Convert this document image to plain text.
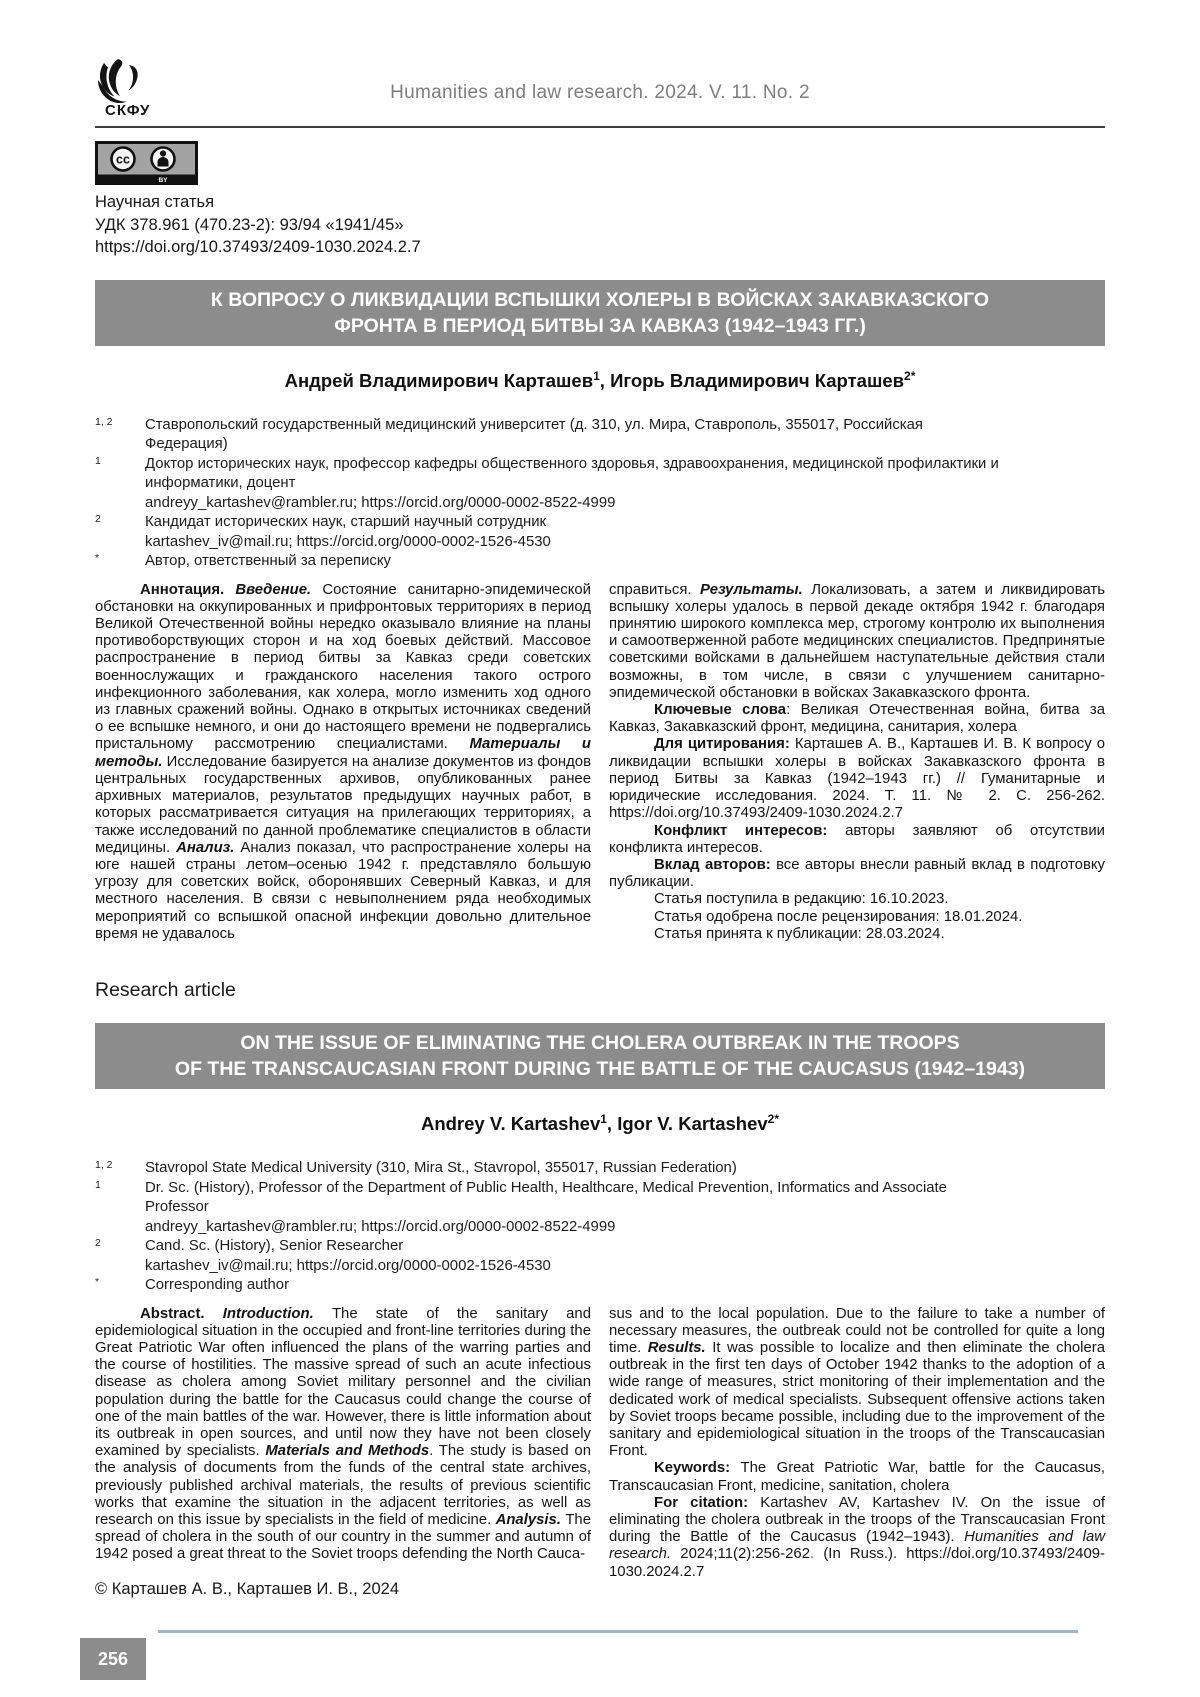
СКФУ
Humanities and law research. 2024. V. 11. No. 2
cc
BY
Научная статья
УДК 378.961 (470.23-2): 93/94 «1941/45»
https://doi.org/10.37493/2409-1030.2024.2.7
К ВОПРОСУ О ЛИКВИДАЦИИ ВСПЫШКИ ХОЛЕРЫ В ВОЙСКАХ ЗАКАВКАЗСКОГО
ФРОНТА В ПЕРИОД БИТВЫ ЗА КАВКАЗ (1942–1943 ГГ.)
Андрей Владимирович Карташев$^1$, Игорь Владимирович Карташев$^{2*}$
1, 2	Ставропольский государственный медицинский университет (д. 310, ул. Мира, Ставрополь, 355017, Российская Федерация)
1	Доктор исторических наук, профессор кафедры общественного здоровья, здравоохранения, медицинской профилактики и информатики, доцент
andreyy_kartashev@rambler.ru; https://orcid.org/0000-0002-8522-4999
2	Кандидат исторических наук, старший научный сотрудник
kartashev_iv@mail.ru; https://orcid.org/0000-0002-1526-4530
*	Автор, ответственный за переписку

Аннотация. Введение. Состояние санитарно-эпидемической обстановки на оккупированных и прифронтовых территориях в период Великой Отечественной войны нередко оказывало влияние на планы противоборствующих сторон и на ход боевых действий. Массовое распространение в период битвы за Кавказ среди советских военнослужащих и гражданского населения такого острого инфекционного заболевания, как холера, могло изменить ход одного из главных сражений войны. Однако в открытых источниках сведений о ее вспышке немного, и они до настоящего времени не подвергались пристальному рассмотрению специалистами. Материалы и методы. Исследование базируется на анализе документов из фондов центральных государственных архивов, опубликованных ранее архивных материалов, результатов предыдущих научных работ, в которых рассматривается ситуация на прилегающих территориях, а также исследований по данной проблематике специалистов в области медицины. Анализ. Анализ показал, что распространение холеры на юге нашей страны летом–осенью 1942 г. представляло большую угрозу для советских войск, оборонявших Северный Кавказ, и для местного населения. В связи с невыполнением ряда необходимых мероприятий со вспышкой опасной инфекции довольно длительное время не удавалось

справиться. Результаты. Локализовать, а затем и ликвидировать вспышку холеры удалось в первой декаде октября 1942 г. благодаря принятию широкого комплекса мер, строгому контролю их выполнения и самоотверженной работе медицинских специалистов. Предпринятые советскими войсками в дальнейшем наступательные действия стали возможны, в том числе, в связи с улучшением санитарно-эпидемической обстановки в войсках Закавказского фронта.

Ключевые слова: Великая Отечественная война, битва за Кавказ, Закавказский фронт, медицина, санитария, холера

Для цитирования: Карташев А. В., Карташев И. В. К вопросу о ликвидации вспышки холеры в войсках Закавказского фронта в период Битвы за Кавказ (1942–1943 гг.) // Гуманитарные и юридические исследования. 2024. Т. 11. № 2. С. 256-262. https://doi.org/10.37493/2409-1030.2024.2.7

Конфликт интересов: авторы заявляют об отсутствии конфликта интересов.

Вклад авторов: все авторы внесли равный вклад в подготовку публикации.

Статья поступила в редакцию: 16.10.2023.

Статья одобрена после рецензирования: 18.01.2024.

Статья принята к публикации: 28.03.2024.

Research article
ON THE ISSUE OF ELIMINATING THE CHOLERA OUTBREAK IN THE TROOPS
OF THE TRANSCAUCASIAN FRONT DURING THE BATTLE OF THE CAUCASUS (1942–1943)
Andrey V. Kartashev$^1$, Igor V. Kartashev$^{2*}$
1, 2	Stavropol State Medical University (310, Mira St., Stavropol, 355017, Russian Federation)
1	Dr. Sc. (History), Professor of the Department of Public Health, Healthcare, Medical Prevention, Informatics and Associate Professor
andreyy_kartashev@rambler.ru; https://orcid.org/0000-0002-8522-4999
2	Cand. Sc. (History), Senior Researcher
kartashev_iv@mail.ru; https://orcid.org/0000-0002-1526-4530
*	Corresponding author

Abstract. Introduction. The state of the sanitary and epidemiological situation in the occupied and front-line territories during the Great Patriotic War often influenced the plans of the warring parties and the course of hostilities. The massive spread of such an acute infectious disease as cholera among Soviet military personnel and the civilian population during the battle for the Caucasus could change the course of one of the main battles of the war. However, there is little information about its outbreak in open sources, and until now they have not been closely examined by specialists. Materials and Methods. The study is based on the analysis of documents from the funds of the central state archives, previously published archival materials, the results of previous scientific works that examine the situation in the adjacent territories, as well as research on this issue by specialists in the field of medicine. Analysis. The spread of cholera in the south of our country in the summer and autumn of 1942 posed a great threat to the Soviet troops defending the North Cauca-

sus and to the local population. Due to the failure to take a number of necessary measures, the outbreak could not be controlled for quite a long time. Results. It was possible to localize and then eliminate the cholera outbreak in the first ten days of October 1942 thanks to the adoption of a wide range of measures, strict monitoring of their implementation and the dedicated work of medical specialists. Subsequent offensive actions taken by Soviet troops became possible, including due to the improvement of the sanitary and epidemiological situation in the troops of the Transcaucasian Front.

Keywords: The Great Patriotic War, battle for the Caucasus, Transcaucasian Front, medicine, sanitation, cholera

For citation: Kartashev AV, Kartashev IV. On the issue of eliminating the cholera outbreak in the troops of the Transcaucasian Front during the Battle of the Caucasus (1942–1943). Humanities and law research. 2024;11(2):256-262. (In Russ.). https://doi.org/10.37493/2409-1030.2024.2.7

© Карташев А. В., Карташев И. В., 2024
256
